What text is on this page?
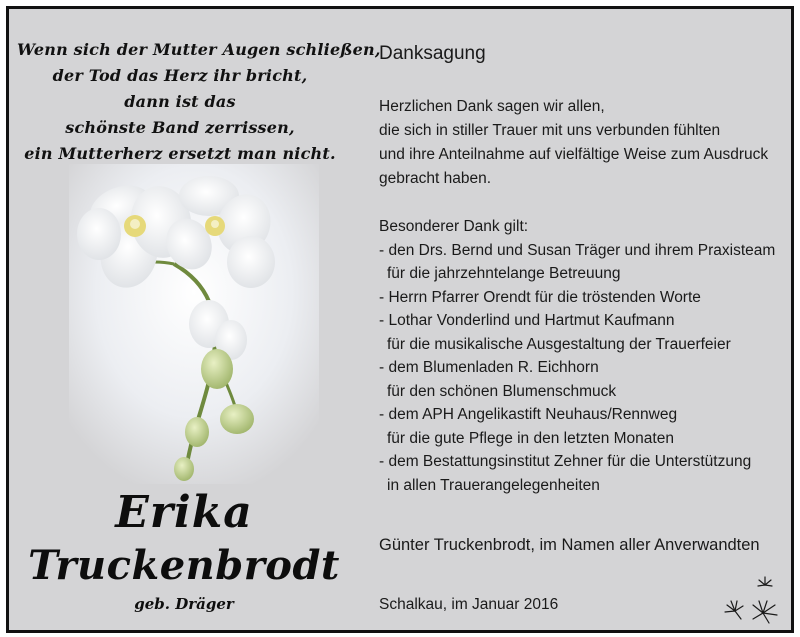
Wenn sich der Mutter Augen schließen,
der Tod das Herz ihr bricht,
dann ist das
schönste Band zerrissen,
ein Mutterherz ersetzt man nicht.
Erika
Truckenbrodt
geb. Dräger
Danksagung
Herzlichen Dank sagen wir allen,
die sich in stiller Trauer mit uns verbunden fühlten
und ihre Anteilnahme auf vielfältige Weise zum Ausdruck
gebracht haben.
Besonderer Dank gilt:
- den Drs. Bernd und Susan Träger und ihrem Praxisteam
für die jahrzehntelange Betreuung
- Herrn Pfarrer Orendt für die tröstenden Worte
- Lothar Vonderlind und Hartmut Kaufmann
für die musikalische Ausgestaltung der Trauerfeier
- dem Blumenladen R. Eichhorn
für den schönen Blumenschmuck
- dem APH Angelikastift Neuhaus/Rennweg
für die gute Pflege in den letzten Monaten
- dem Bestattungsinstitut Zehner für die Unterstützung
in allen Trauerangelegenheiten
Günter Truckenbrodt, im Namen aller Anverwandten
Schalkau, im Januar 2016
